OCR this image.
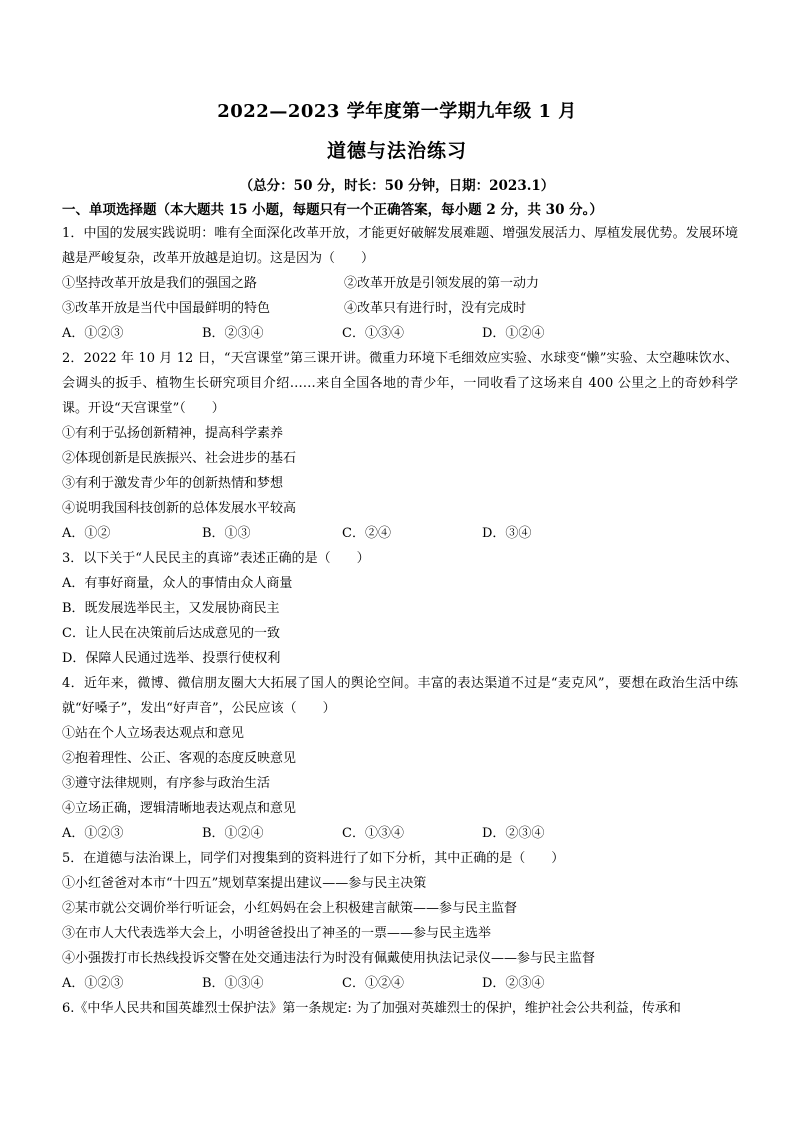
2022—2023 学年度第一学期九年级 1 月
道德与法治练习
（总分：50 分，时长：50 分钟，日期：2023.1）
一、单项选择题（本大题共 15 小题，每题只有一个正确答案，每小题 2 分，共 30 分。）
1．中国的发展实践说明：唯有全面深化改革开放，才能更好破解发展难题、增强发展活力、厚植发展优势。发展环境越是严峻复杂，改革开放越是迫切。这是因为（　　）
①坚持改革开放是我们的强国之路	②改革开放是引领发展的第一动力
③改革开放是当代中国最鲜明的特色	④改革只有进行时，没有完成时
A．①②③	B．②③④	C．①③④	D．①②④
2．2022 年 10 月 12 日，“天宫课堂”第三课开讲。微重力环境下毛细效应实验、水球变“懒”实验、太空趣味饮水、会调头的扳手、植物生长研究项目介绍……来自全国各地的青少年，一同收看了这场来自 400 公里之上的奇妙科学课。开设“天宫课堂”（　　）
①有利于弘扬创新精神，提高科学素养
②体现创新是民族振兴、社会进步的基石
③有利于激发青少年的创新热情和梦想
④说明我国科技创新的总体发展水平较高
A．①②	B．①③	C．②④	D．③④
3．以下关于“人民民主的真谛”表述正确的是（　　）
A．有事好商量，众人的事情由众人商量
B．既发展选举民主，又发展协商民主
C．让人民在决策前后达成意见的一致
D．保障人民通过选举、投票行使权利
4．近年来，微博、微信朋友圈大大拓展了国人的舆论空间。丰富的表达渠道不过是“麦克风”，要想在政治生活中练就“好嗓子”，发出“好声音”，公民应该（　　）
①站在个人立场表达观点和意见
②抱着理性、公正、客观的态度反映意见
③遵守法律规则，有序参与政治生活
④立场正确，逻辑清晰地表达观点和意见
A．①②③	B．①②④	C．①③④	D．②③④
5．在道德与法治课上，同学们对搜集到的资料进行了如下分析，其中正确的是（　　）
①小红爸爸对本市“十四五”规划草案提出建议——参与民主决策
②某市就公交调价举行听证会，小红妈妈在会上积极建言献策——参与民主监督
③在市人大代表选举大会上，小明爸爸投出了神圣的一票——参与民主选举
④小强拨打市长热线投诉交警在处交通违法行为时没有佩戴使用执法记录仪——参与民主监督
A．①②③	B．①③④	C．①②④	D．②③④
6.《中华人民共和国英雄烈士保护法》第一条规定: 为了加强对英雄烈士的保护，维护社会公共利益，传承和
